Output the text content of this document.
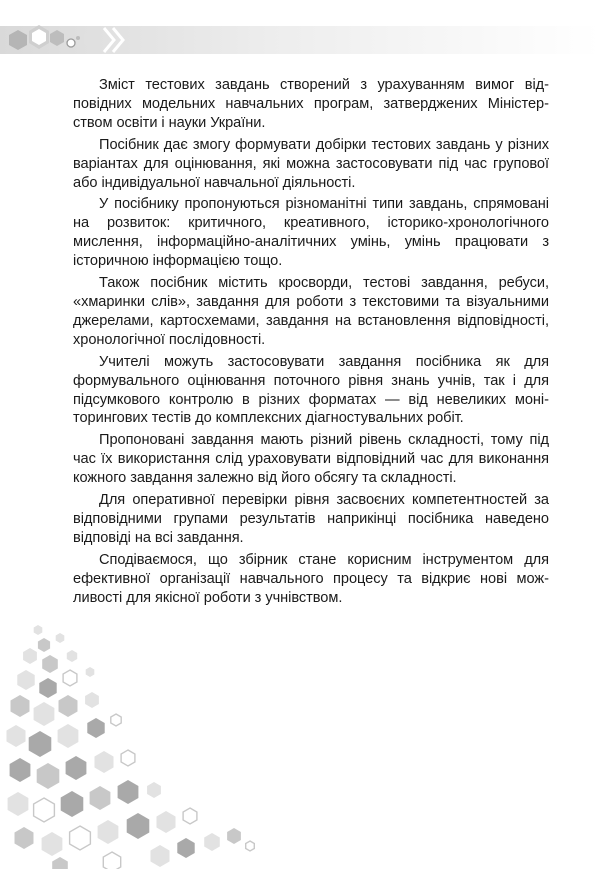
Зміст тестових завдань створений з урахуванням вимог відповідних модельних навчальних програм, затверджених Міністерством освіти і науки України.

Посібник дає змогу формувати добірки тестових завдань у різних варіантах для оцінювання, які можна застосовувати під час групової або індивідуальної навчальної діяльності.

У посібнику пропонуються різноманітні типи завдань, спрямовані на розвиток: критичного, креативного, історико-хронологічного мислення, інформаційно-аналітичних умінь, умінь працювати з історичною інформацією тощо.

Також посібник містить кросворди, тестові завдання, ребуси, «хмаринки слів», завдання для роботи з текстовими та візуальними джерелами, картосхемами, завдання на встановлення відповідності, хронологічної послідовності.

Учителі можуть застосовувати завдання посібника як для формувального оцінювання поточного рівня знань учнів, так і для підсумкового контролю в різних форматах — від невеликих моніторингових тестів до комплексних діагностувальних робіт.

Пропоновані завдання мають різний рівень складності, тому під час їх використання слід ураховувати відповідний час для виконання кожного завдання залежно від його обсягу та складності.

Для оперативної перевірки рівня засвоєних компетентностей за відповідними групами результатів наприкінці посібника наведено відповіді на всі завдання.

Сподіваємося, що збірник стане корисним інструментом для ефективної організації навчального процесу та відкриє нові можливості для якісної роботи з учнівством.
